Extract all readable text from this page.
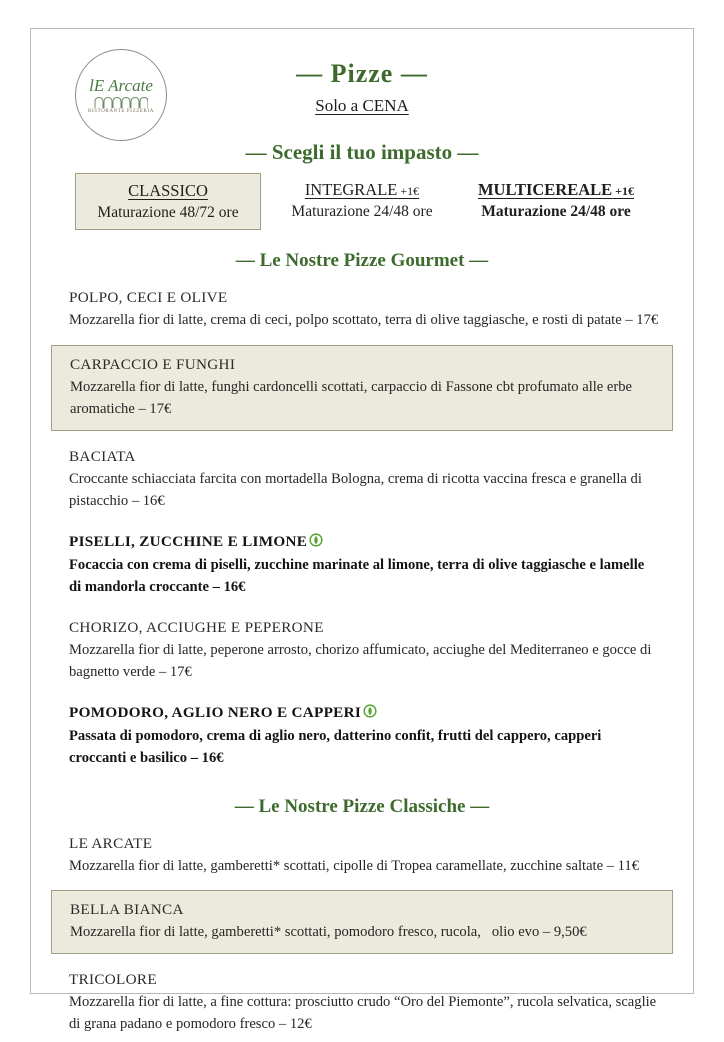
lE Arcate
RISTORANTE PIZZERIA
— Pizze —
Solo a CENA
— Scegli il tuo impasto —
CLASSICO
Maturazione 48/72 ore
INTEGRALE +1€
Maturazione 24/48 ore
MULTICEREALE +1€
Maturazione 24/48 ore
— Le Nostre Pizze Gourmet —
POLPO, CECI E OLIVE
Mozzarella fior di latte, crema di ceci, polpo scottato, terra di olive taggiasche, e rosti di patate – 17€
CARPACCIO E FUNGHI
Mozzarella fior di latte, funghi cardoncelli scottati, carpaccio di Fassone cbt profumato alle erbe aromatiche – 17€
BACIATA
Croccante schiacciata farcita con mortadella Bologna, crema di ricotta vaccina fresca e granella di pistacchio – 16€
PISELLI, ZUCCHINE E LIMONE
Focaccia con crema di piselli, zucchine marinate al limone, terra di olive taggiasche e lamelle di mandorla croccante – 16€
CHORIZO, ACCIUGHE E PEPERONE
Mozzarella fior di latte, peperone arrosto, chorizo affumicato, acciughe del Mediterraneo e gocce di bagnetto verde – 17€
POMODORO, AGLIO NERO E CAPPERI
Passata di pomodoro, crema di aglio nero, datterino confit, frutti del cappero, capperi croccanti e basilico – 16€
— Le Nostre Pizze Classiche —
LE ARCATE
Mozzarella fior di latte, gamberetti* scottati, cipolle di Tropea caramellate, zucchine saltate – 11€
BELLA BIANCA
Mozzarella fior di latte, gamberetti* scottati, pomodoro fresco, rucola,   olio evo – 9,50€
TRICOLORE
Mozzarella fior di latte, a fine cottura: prosciutto crudo “Oro del Piemonte”, rucola selvatica, scaglie di grana padano e pomodoro fresco – 12€
